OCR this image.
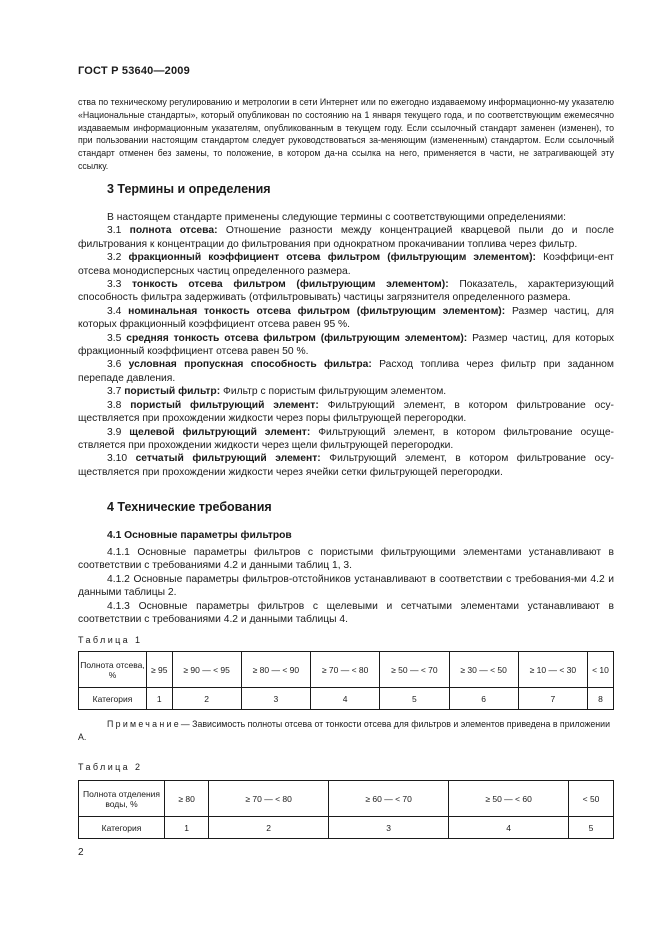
ГОСТ Р 53640—2009
ства по техническому регулированию и метрологии в сети Интернет или по ежегодно издаваемому информационно-му указателю «Национальные стандарты», который опубликован по состоянию на 1 января текущего года, и по соответствующим ежемесячно издаваемым информационным указателям, опубликованным в текущем году. Если ссылочный стандарт заменен (изменен), то при пользовании настоящим стандартом следует руководствоваться за-меняющим (измененным) стандартом. Если ссылочный стандарт отменен без замены, то положение, в котором да-на ссылка на него, применяется в части, не затрагивающей эту ссылку.
3 Термины и определения

В настоящем стандарте применены следующие термины с соответствующими определениями:

3.1 полнота отсева: Отношение разности между концентрацией кварцевой пыли до и после фильтрования к концентрации до фильтрования при однократном прокачивании топлива через фильтр.

3.2 фракционный коэффициент отсева фильтром (фильтрующим элементом): Коэффици-ент отсева монодисперсных частиц определенного размера.

3.3 тонкость отсева фильтром (фильтрующим элементом): Показатель, характеризующий способность фильтра задерживать (отфильтровывать) частицы загрязнителя определенного размера.

3.4 номинальная тонкость отсева фильтром (фильтрующим элементом): Размер частиц, для которых фракционный коэффициент отсева равен 95 %.

3.5 средняя тонкость отсева фильтром (фильтрующим элементом): Размер частиц, для которых фракционный коэффициент отсева равен 50 %.

3.6 условная пропускная способность фильтра: Расход топлива через фильтр при заданном перепаде давления.

3.7 пористый фильтр: Фильтр с пористым фильтрующим элементом.

3.8 пористый фильтрующий элемент: Фильтрующий элемент, в котором фильтрование осу-ществляется при прохождении жидкости через поры фильтрующей перегородки.

3.9 щелевой фильтрующий элемент: Фильтрующий элемент, в котором фильтрование осуще-ствляется при прохождении жидкости через щели фильтрующей перегородки.

3.10 сетчатый фильтрующий элемент: Фильтрующий элемент, в котором фильтрование осу-ществляется при прохождении жидкости через ячейки сетки фильтрующей перегородки.

4 Технические требования
4.1 Основные параметры фильтров

4.1.1 Основные параметры фильтров с пористыми фильтрующими элементами устанавливают в соответствии с требованиями 4.2 и данными таблиц 1, 3.

4.1.2 Основные параметры фильтров-отстойников устанавливают в соответствии с требования-ми 4.2 и данными таблицы 2.

4.1.3 Основные параметры фильтров с щелевыми и сетчатыми элементами устанавливают в соответствии с требованиями 4.2 и данными таблицы 4.

Таблица 1
Полнота отсева, %	≥ 95	≥ 90 — < 95	≥ 80 — < 90	≥ 70 — < 80	≥ 50 — < 70	≥ 30 — < 50	≥ 10 — < 30	< 10
Категория	1	2	3	4	5	6	7	8
Примечание— Зависимость полноты отсева от тонкости отсева для фильтров и элементов приведена в приложении А.
Таблица 2
Полнота отделения воды, %	≥ 80	≥ 70 — < 80	≥ 60 — < 70	≥ 50 — < 60	< 50
Категория	1	2	3	4	5
2
